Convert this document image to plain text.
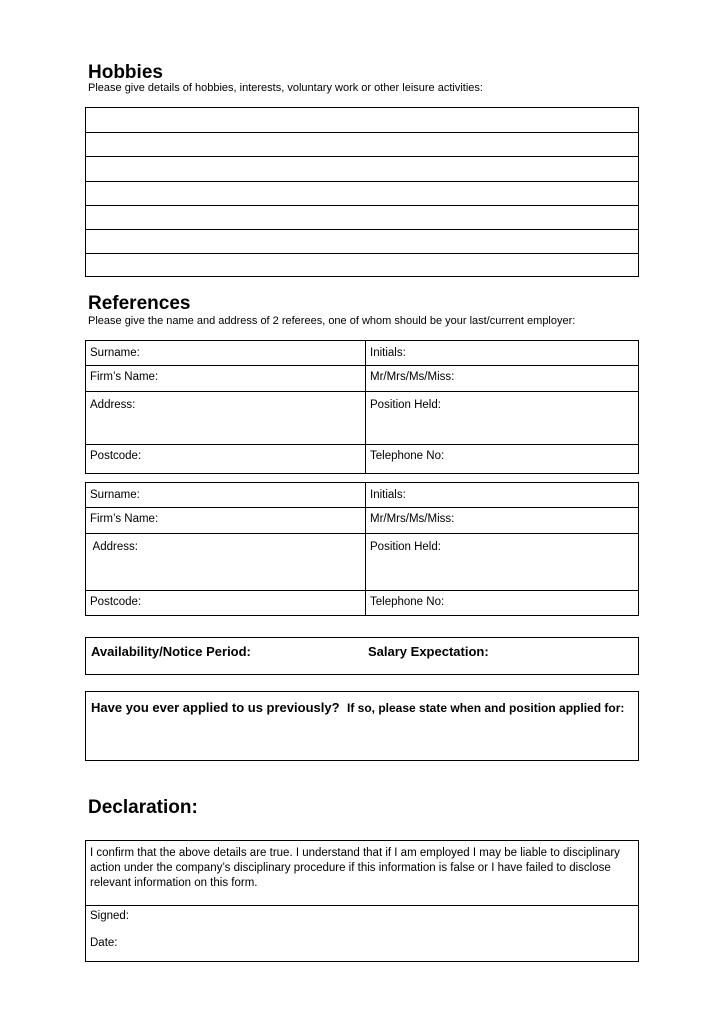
Hobbies
Please give details of hobbies, interests, voluntary work or other leisure activities:
References
Please give the name and address of 2 referees, one of whom should be your last/current employer:
Surname:	Initials:
Firm’s Name:	Mr/Mrs/Ms/Miss:
Address:	Position Held:
Postcode:	Telephone No:
Surname:	Initials:
Firm’s Name:	Mr/Mrs/Ms/Miss:
Address:	Position Held:
Postcode:	Telephone No:
Availability/Notice Period:	Salary Expectation:
Have you ever applied to us previously? If so, please state when and position applied for:
Declaration:
I confirm that the above details are true. I understand that if I am employed I may be liable to disciplinary action under the company’s disciplinary procedure if this information is false or I have failed to disclose relevant information on this form.
Signed:
Date:
